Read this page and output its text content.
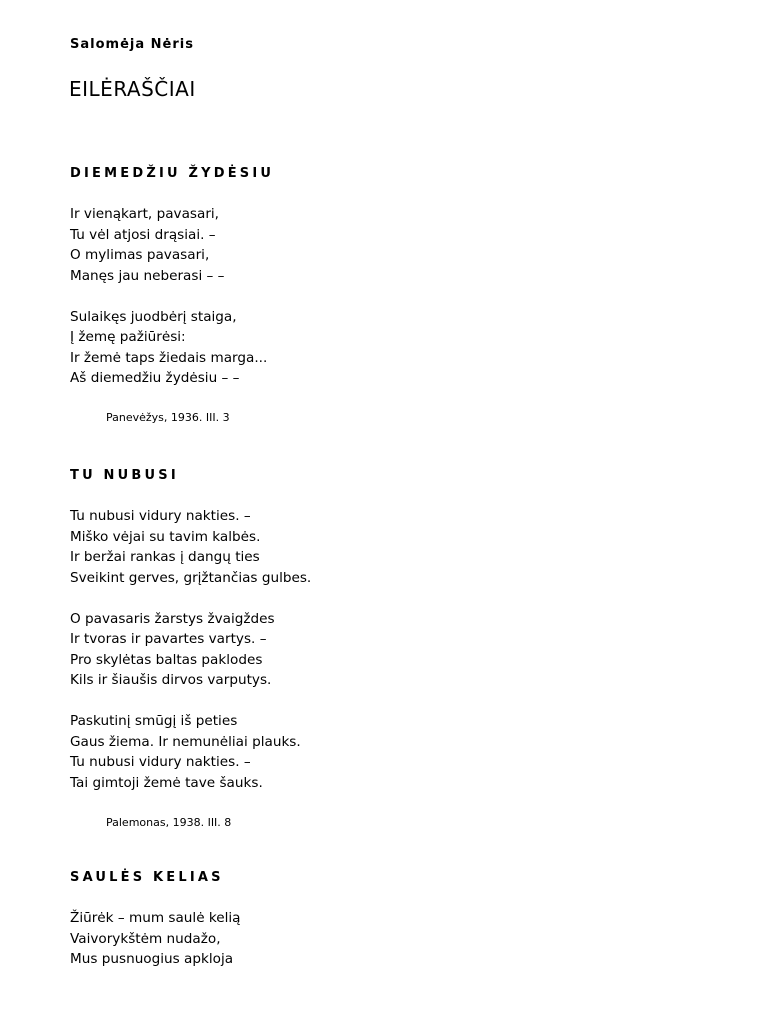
Salomėja Nėris
EILĖRAŠČIAI
DIEMEDŽIU ŽYDĖSIU
Ir vienąkart, pavasari,
Tu vėl atjosi drąsiai. –
O mylimas pavasari,
Manęs jau neberasi – –
Sulaikęs juodbėrį staiga,
Į žemę pažiūrėsi:
Ir žemė taps žiedais marga...
Aš diemedžiu žydėsiu – –
Panevėžys, 1936. III. 3
TU NUBUSI
Tu nubusi vidury nakties. –
Miško vėjai su tavim kalbės.
Ir beržai rankas į dangų ties
Sveikint gerves, grįžtančias gulbes.
O pavasaris žarstys žvaigždes
Ir tvoras ir pavartes vartys. –
Pro skylėtas baltas paklodes
Kils ir šiaušis dirvos varputys.
Paskutinį smūgį iš peties
Gaus žiema. Ir nemunėliai plauks.
Tu nubusi vidury nakties. –
Tai gimtoji žemė tave šauks.
Palemonas, 1938. III. 8
SAULĖS KELIAS
Žiūrėk – mum saulė kelią
Vaivorykštėm nudažo,
Mus pusnuogius apkloja
